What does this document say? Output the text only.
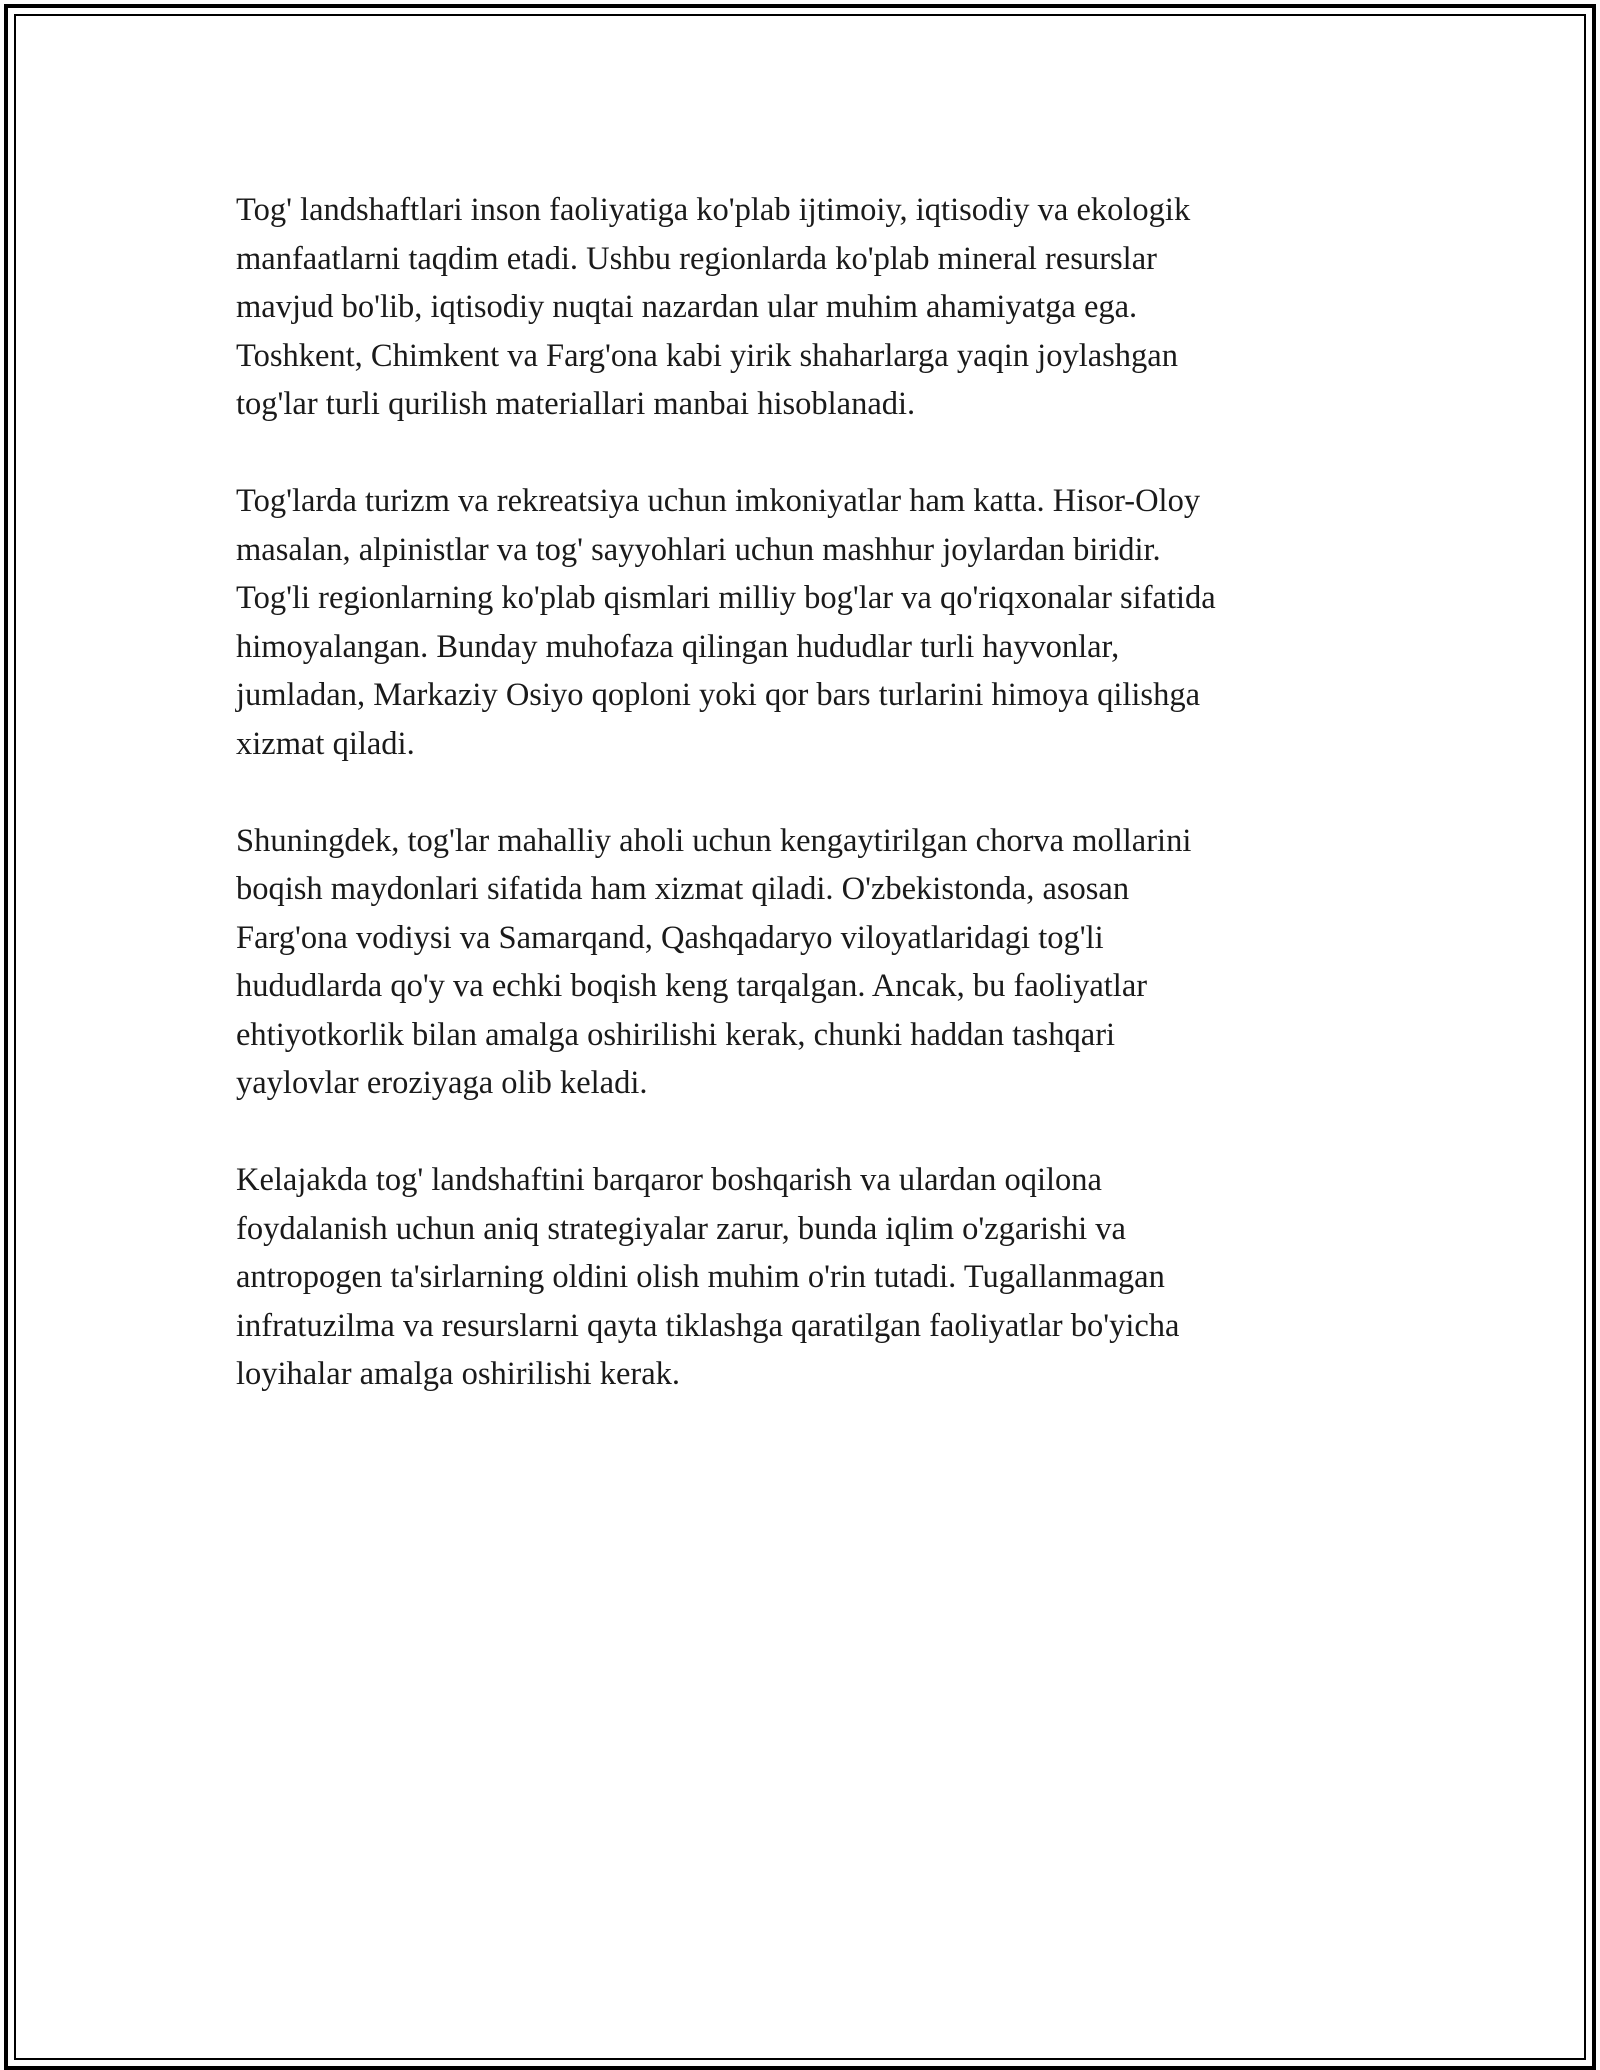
Tog' landshaftlari inson faoliyatiga ko'plab ijtimoiy, iqtisodiy va ekologik
manfaatlarni taqdim etadi. Ushbu regionlarda ko'plab mineral resurslar
mavjud bo'lib, iqtisodiy nuqtai nazardan ular muhim ahamiyatga ega.
Toshkent, Chimkent va Farg'ona kabi yirik shaharlarga yaqin joylashgan
tog'lar turli qurilish materiallari manbai hisoblanadi.

Tog'larda turizm va rekreatsiya uchun imkoniyatlar ham katta. Hisor-Oloy
masalan, alpinistlar va tog' sayyohlari uchun mashhur joylardan biridir.
Tog'li regionlarning ko'plab qismlari milliy bog'lar va qo'riqxonalar sifatida
himoyalangan. Bunday muhofaza qilingan hududlar turli hayvonlar,
jumladan, Markaziy Osiyo qoploni yoki qor bars turlarini himoya qilishga
xizmat qiladi.

Shuningdek, tog'lar mahalliy aholi uchun kengaytirilgan chorva mollarini
boqish maydonlari sifatida ham xizmat qiladi. O'zbekistonda, asosan
Farg'ona vodiysi va Samarqand, Qashqadaryo viloyatlaridagi tog'li
hududlarda qo'y va echki boqish keng tarqalgan. Ancak, bu faoliyatlar
ehtiyotkorlik bilan amalga oshirilishi kerak, chunki haddan tashqari
yaylovlar eroziyaga olib keladi.

Kelajakda tog' landshaftini barqaror boshqarish va ulardan oqilona
foydalanish uchun aniq strategiyalar zarur, bunda iqlim o'zgarishi va
antropogen ta'sirlarning oldini olish muhim o'rin tutadi. Tugallanmagan
infratuzilma va resurslarni qayta tiklashga qaratilgan faoliyatlar bo'yicha
loyihalar amalga oshirilishi kerak.
